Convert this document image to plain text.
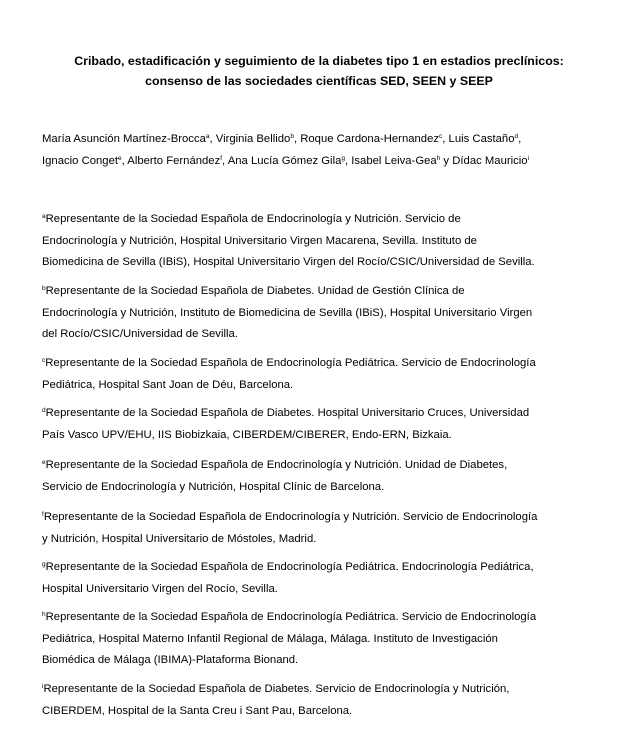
Cribado, estadificación y seguimiento de la diabetes tipo 1 en estadios preclínicos:
consenso de las sociedades científicas SED, SEEN y SEEP
María Asunción Martínez-Brocca$^a$, Virginia Bellido$^b$, Roque Cardona-Hernandez$^c$, Luis Castaño$^d$,
Ignacio Conget$^e$, Alberto Fernández$^f$, Ana Lucía Gómez Gila$^g$, Isabel Leiva-Gea$^h$ y Dídac Mauricio$^i$
$^a$Representante de la Sociedad Española de Endocrinología y Nutrición. Servicio de
Endocrinología y Nutrición, Hospital Universitario Virgen Macarena, Sevilla. Instituto de
Biomedicina de Sevilla (IBiS), Hospital Universitario Virgen del Rocío/CSIC/Universidad de Sevilla.
$^b$Representante de la Sociedad Española de Diabetes. Unidad de Gestión Clínica de
Endocrinología y Nutrición, Instituto de Biomedicina de Sevilla (IBiS), Hospital Universitario Virgen
del Rocío/CSIC/Universidad de Sevilla.
$^c$Representante de la Sociedad Española de Endocrinología Pediátrica. Servicio de Endocrinología
Pediátrica, Hospital Sant Joan de Déu, Barcelona.
$^d$Representante de la Sociedad Española de Diabetes. Hospital Universitario Cruces, Universidad
País Vasco UPV/EHU, IIS Biobizkaia, CIBERDEM/CIBERER, Endo-ERN, Bizkaia.
$^e$Representante de la Sociedad Española de Endocrinología y Nutrición. Unidad de Diabetes,
Servicio de Endocrinología y Nutrición, Hospital Clínic de Barcelona.
$^f$Representante de la Sociedad Española de Endocrinología y Nutrición. Servicio de Endocrinología
y Nutrición, Hospital Universitario de Móstoles, Madrid.
$^g$Representante de la Sociedad Española de Endocrinología Pediátrica. Endocrinología Pediátrica,
Hospital Universitario Virgen del Rocío, Sevilla.
$^h$Representante de la Sociedad Española de Endocrinología Pediátrica. Servicio de Endocrinología
Pediátrica, Hospital Materno Infantil Regional de Málaga, Málaga. Instituto de Investigación
Biomédica de Málaga (IBIMA)-Plataforma Bionand.
$^i$Representante de la Sociedad Española de Diabetes. Servicio de Endocrinología y Nutrición,
CIBERDEM, Hospital de la Santa Creu i Sant Pau, Barcelona.
